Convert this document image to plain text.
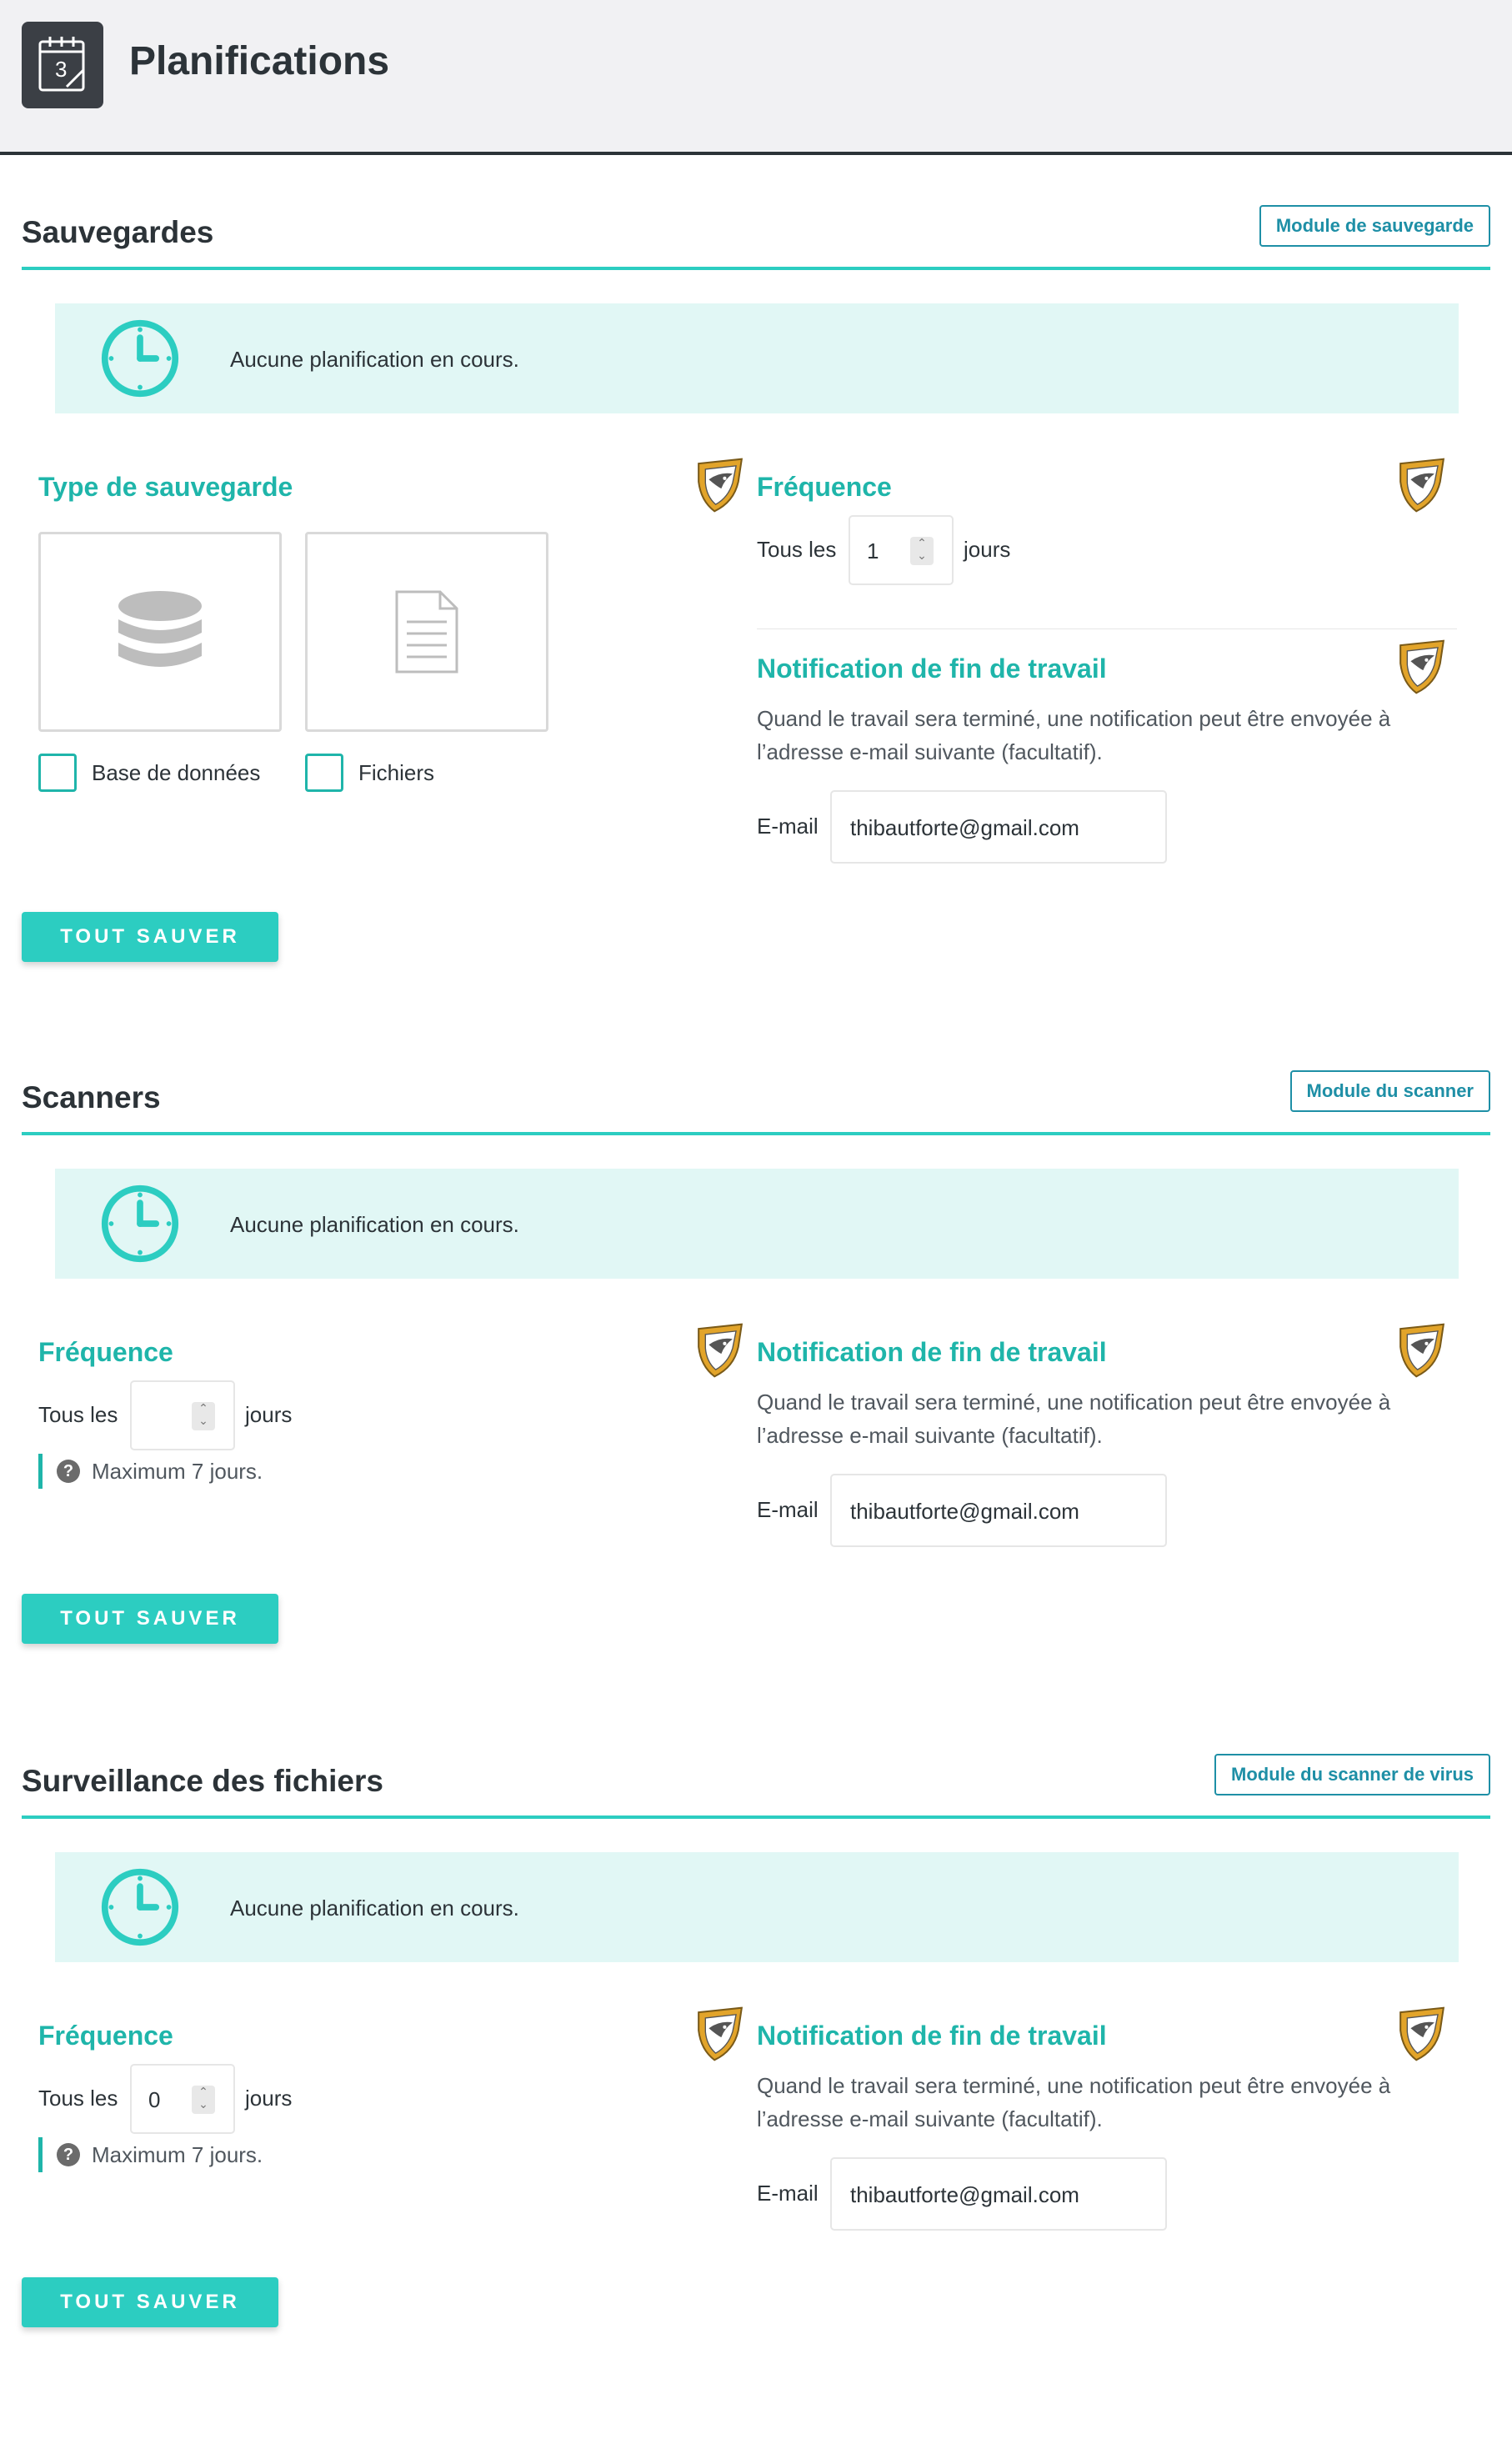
3 Planifications
Sauvegardes	Module de sauvegarde
Aucune planification en cours.
Type de sauvegarde
Base de données	Fichiers
Fréquence
Tous les 1	⌃
⌄	jours
Notification de fin de travail
Quand le travail sera terminé, une notification peut être envoyée à l’adresse e-mail suivante (facultatif).
E-mail thibautforte@gmail.com
TOUT SAUVER
Scanners	Module du scanner
Aucune planification en cours.
Fréquence
Tous les	⌃
⌄	jours
? Maximum 7 jours.
Notification de fin de travail
Quand le travail sera terminé, une notification peut être envoyée à l’adresse e-mail suivante (facultatif).
E-mail thibautforte@gmail.com
TOUT SAUVER
Surveillance des fichiers	Module du scanner de virus
Aucune planification en cours.
Fréquence
Tous les 0	⌃
⌄	jours
? Maximum 7 jours.
Notification de fin de travail
Quand le travail sera terminé, une notification peut être envoyée à l’adresse e-mail suivante (facultatif).
E-mail thibautforte@gmail.com
TOUT SAUVER
